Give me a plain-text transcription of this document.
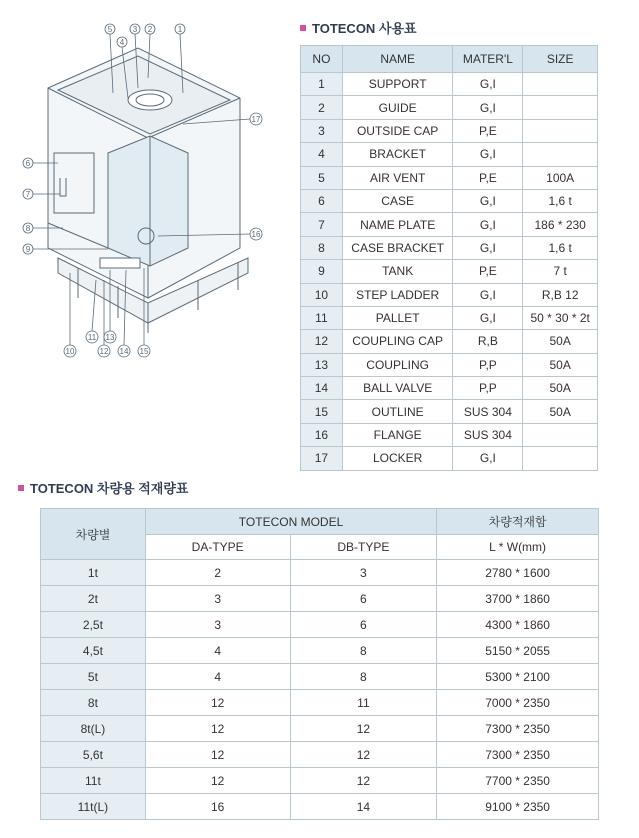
5	3 2	1
4
17
6
7
8
9
16
10
11 13
12 14 15
TOTECON 사용표
NO	NAME	MATER'L	SIZE
1	SUPPORT	G,I	
2	GUIDE	G,I	
3	OUTSIDE CAP	P,E	
4	BRACKET	G,I	
5	AIR VENT	P,E	100A
6	CASE	G,I	1,6 t
7	NAME PLATE	G,I	186 * 230
8	CASE BRACKET	G,I	1,6 t
9	TANK	P,E	7 t
10	STEP LADDER	G,I	R,B 12
11	PALLET	G,I	50 * 30 * 2t
12	COUPLING CAP	R,B	50A
13	COUPLING	P,P	50A
14	BALL VALVE	P,P	50A
15	OUTLINE	SUS 304	50A
16	FLANGE	SUS 304	
17	LOCKER	G,I	
TOTECON 차량용 적재량표
차량별	TOTECON MODEL		차량적재함
	DA-TYPE	DB-TYPE	L * W(mm)
1t	2	3	2780 * 1600
2t	3	6	3700 * 1860
2,5t	3	6	4300 * 1860
4,5t	4	8	5150 * 2055
5t	4	8	5300 * 2100
8t	12	11	7000 * 2350
8t(L)	12	12	7300 * 2350
5,6t	12	12	7300 * 2350
11t	12	12	7700 * 2350
11t(L)	16	14	9100 * 2350
